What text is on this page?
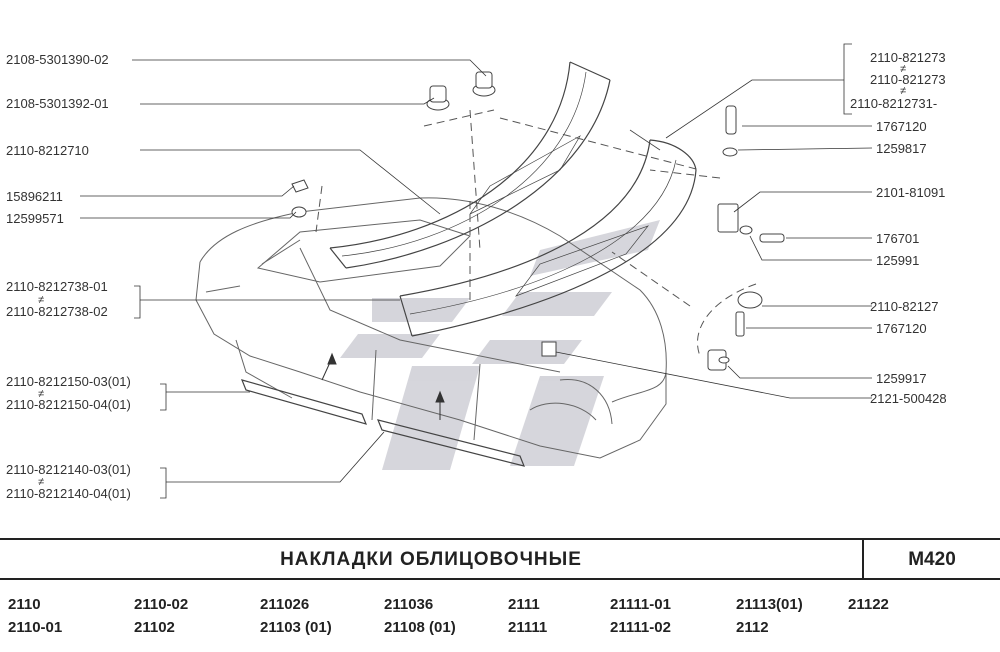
2108-5301390-02
2108-5301392-01
2110-8212710
15896211
12599571
2110-8212738-01
≠
2110-8212738-02
2110-8212150-03(01)
≠
2110-8212150-04(01)
2110-8212140-03(01)
≠
2110-8212140-04(01)
2110-821273
≠
2110-821273
≠
2110-8212731-
1767120
1259817
2101-81091
176701
125991
2110-82127
1767120
1259917
2121-500428
НАКЛАДКИ ОБЛИЦОВОЧНЫЕ	М420
2110
2110-01
2110-02
21102
211026
21103 (01)
211036
21108 (01)
2111
21111
21111-01
21111-02
21113(01)
2112
21122
